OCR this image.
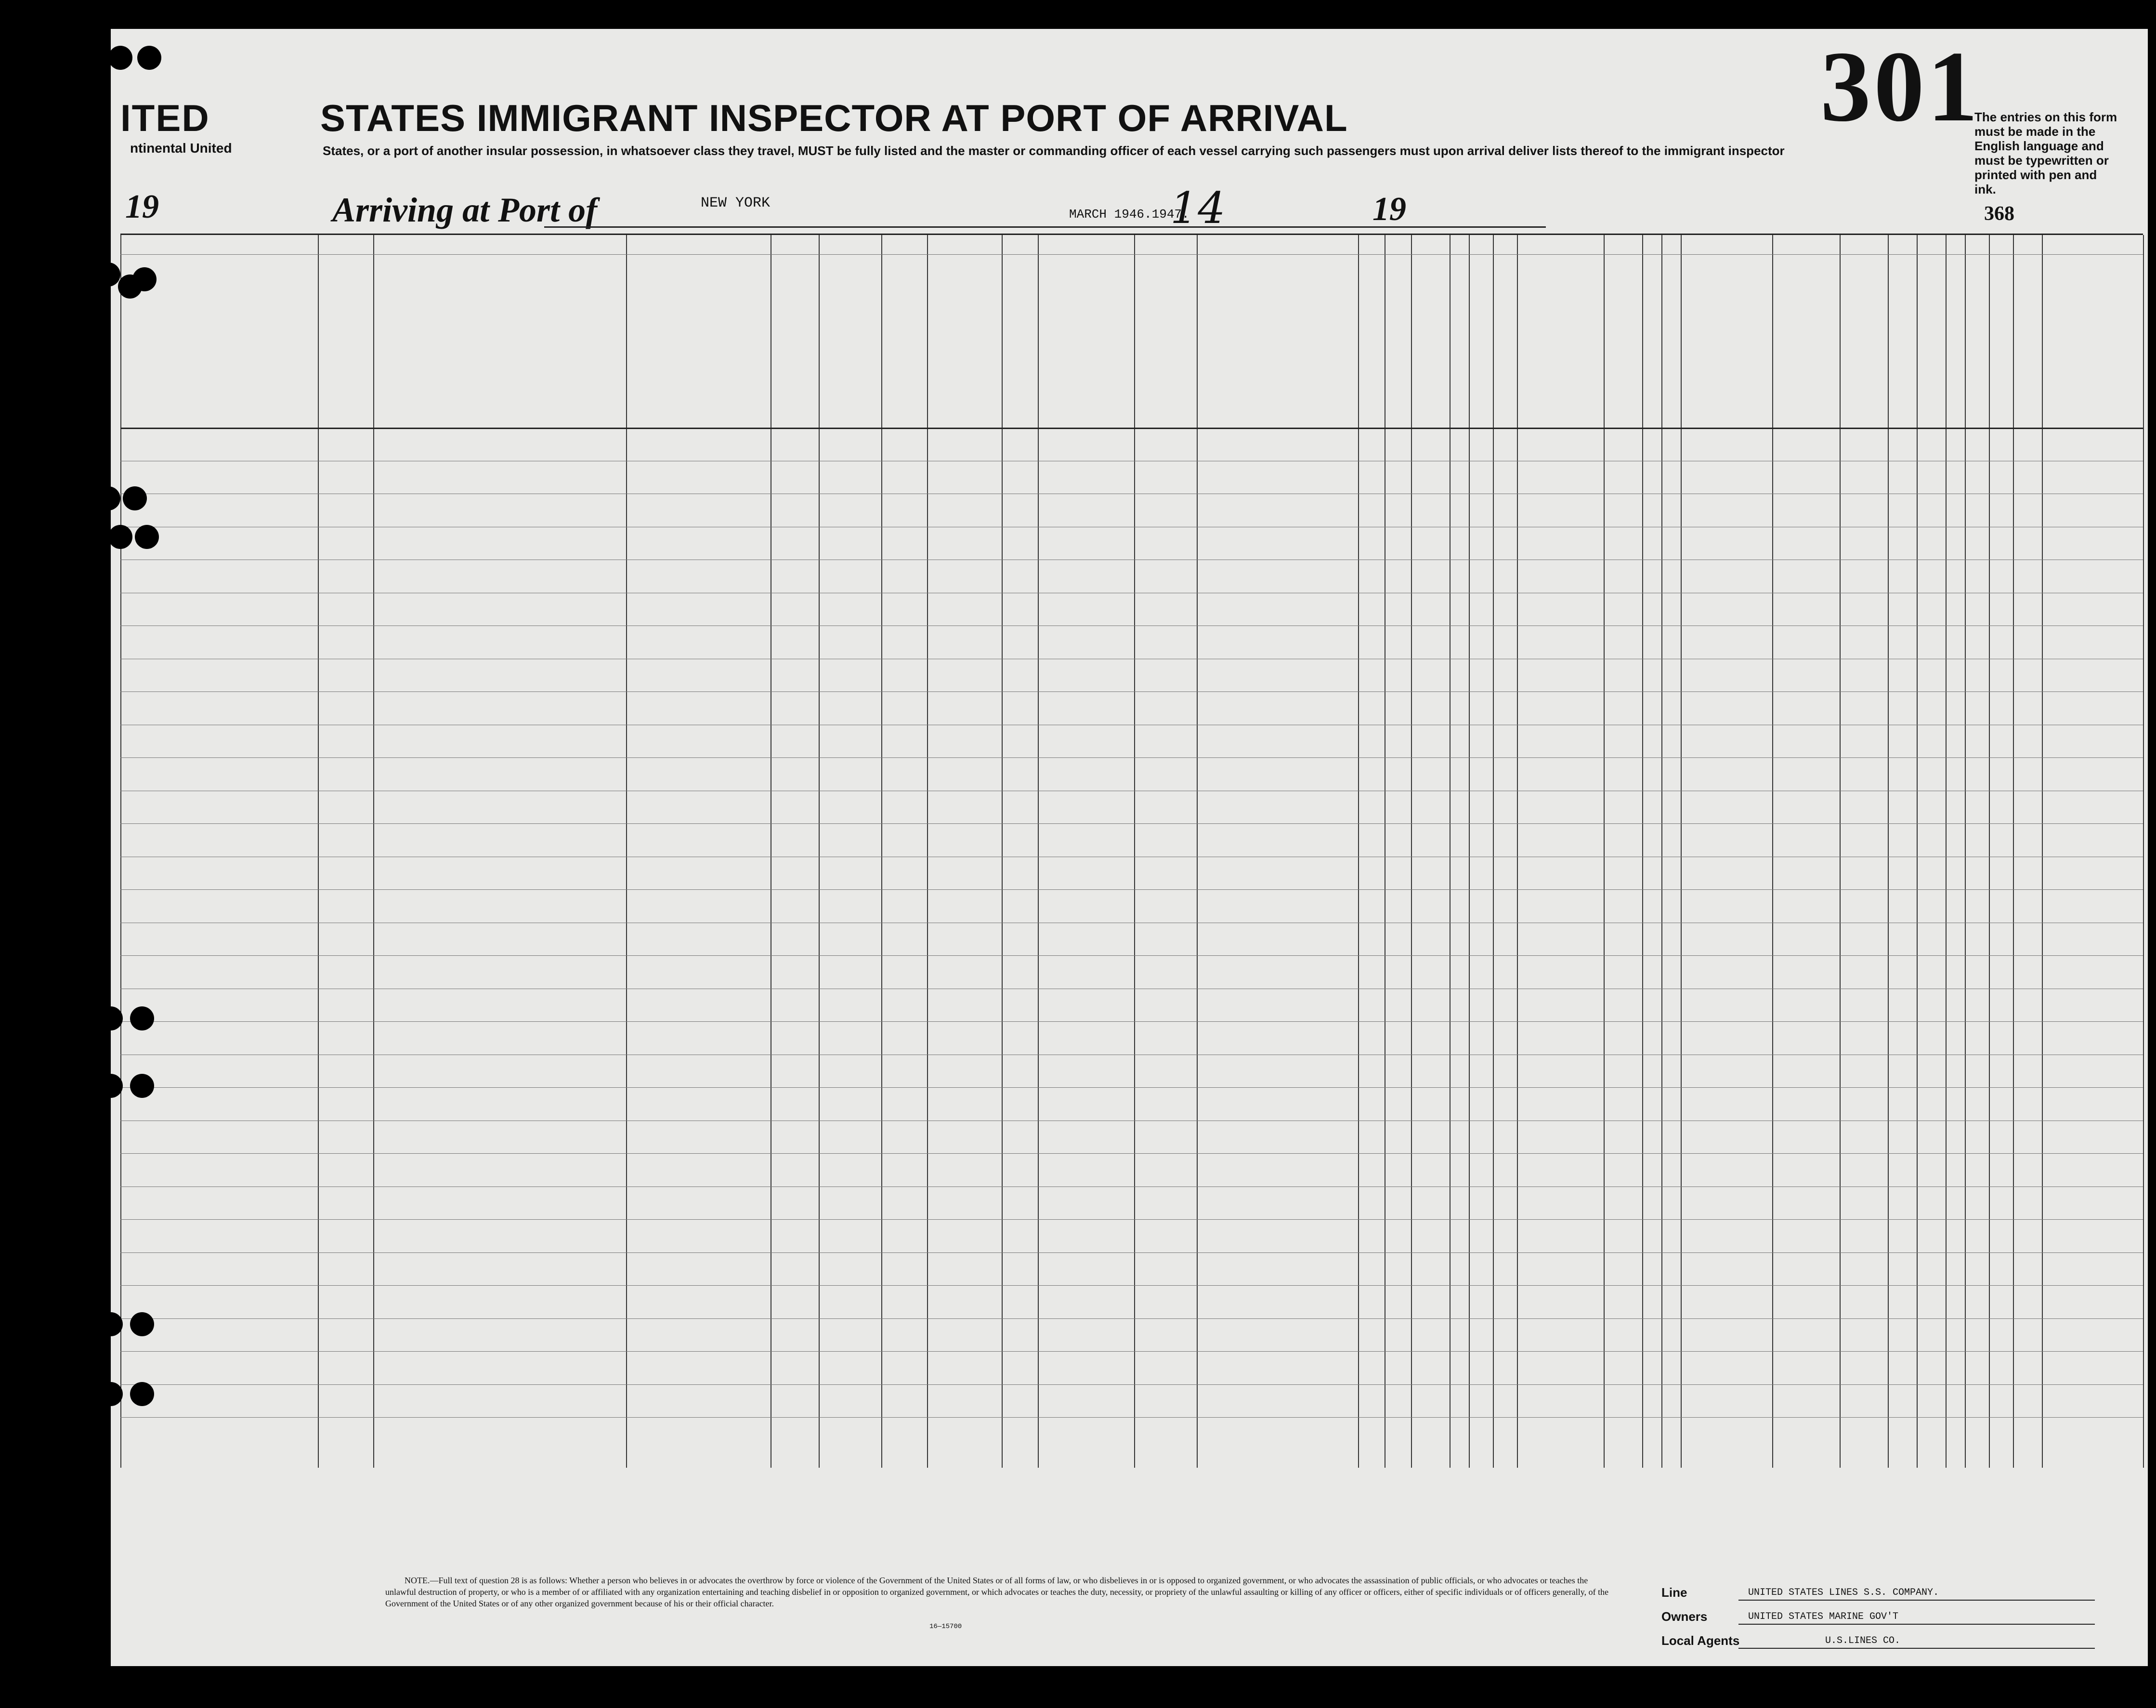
ITED	STATES IMMIGRANT INSPECTOR AT PORT OF ARRIVAL
ntinental United	States, or a port of another insular possession, in whatsoever class they travel, MUST be fully listed and the master or commanding officer of each vessel carrying such passengers must upon arrival deliver lists thereof to the immigrant inspector
301
The entries on this form must be made in the English language and must be typewritten or printed with pen and ink.
368
19	Arriving at Port of	NEW YORK
MARCH 1946.1947.
14	19
NOTE.—Full text of question 28 is as follows: Whether a person who believes in or advocates the overthrow by force or violence of the Government of the United States or of all forms of law, or who disbelieves in or is opposed to organized government, or who advocates the assassination of public officials, or who advocates or teaches the unlawful destruction of property, or who is a member of or affiliated with any organization entertaining and teaching disbelief in or opposition to organized government, or which advocates or teaches the duty, necessity, or propriety of the unlawful assaulting or killing of any officer or officers, either of specific individuals or of officers generally, of the Government of the United States or of any other organized government because of his or their official character.
Line	UNITED STATES LINES S.S. COMPANY.
Owners	UNITED STATES MARINE GOV'T
Local Agents	U.S.LINES CO.
16—15700
